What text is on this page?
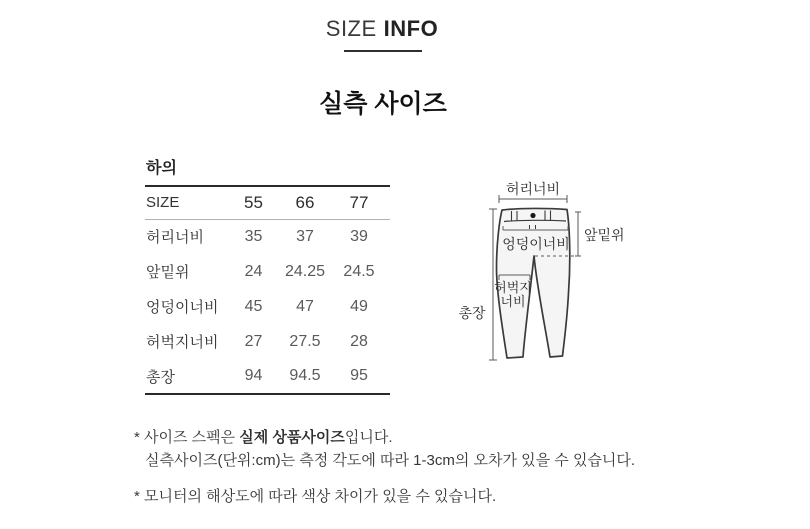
SIZE INFO
실측 사이즈
하의
SIZE	55	66	77
허리너비	35	37	39
앞밑위	24	24.25	24.5
엉덩이너비	45	47	49
허벅지너비	27	27.5	28
총장	94	94.5	95
허리너비
엉덩이너비
앞밑위
허벅지
너비
총장

* 사이즈 스펙은 실제 상품사이즈입니다.

실측사이즈(단위:cm)는 측정 각도에 따라 1-3cm의 오차가 있을 수 있습니다.

* 모니터의 해상도에 따라 색상 차이가 있을 수 있습니다.
